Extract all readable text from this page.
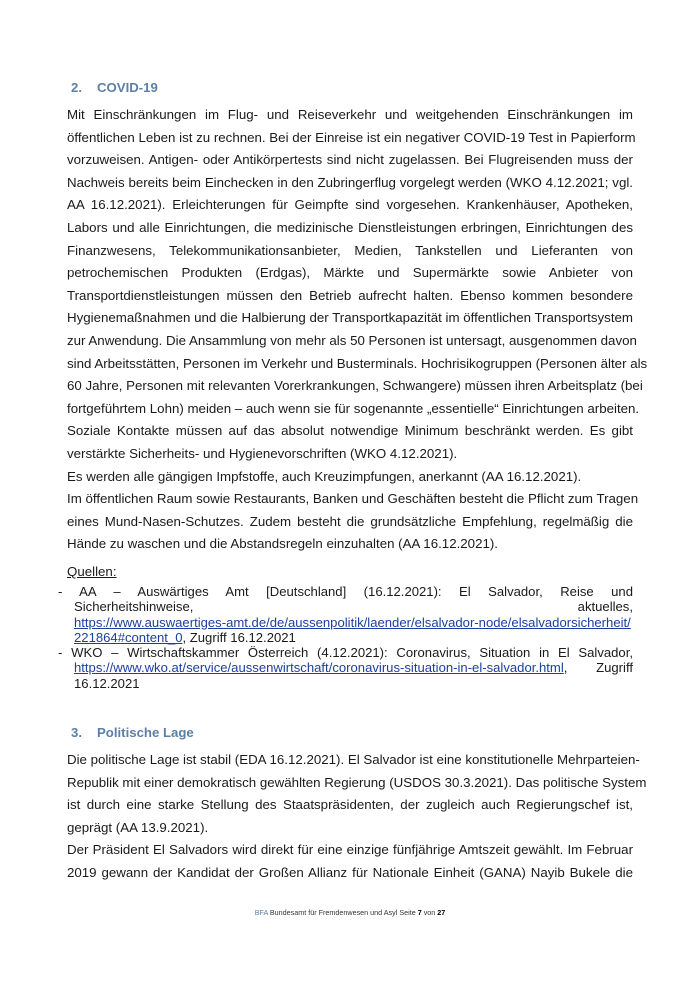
2. COVID-19
Mit Einschränkungen im Flug- und Reiseverkehr und weitgehenden Einschränkungen im
öffentlichen Leben ist zu rechnen. Bei der Einreise ist ein negativer COVID-19 Test in Papierform
vorzuweisen. Antigen- oder Antikörpertests sind nicht zugelassen. Bei Flugreisenden muss der
Nachweis bereits beim Einchecken in den Zubringerflug vorgelegt werden (WKO 4.12.2021; vgl.
AA 16.12.2021). Erleichterungen für Geimpfte sind vorgesehen. Krankenhäuser, Apotheken,
Labors und alle Einrichtungen, die medizinische Dienstleistungen erbringen, Einrichtungen des
Finanzwesens, Telekommunikationsanbieter, Medien, Tankstellen und Lieferanten von
petrochemischen Produkten (Erdgas), Märkte und Supermärkte sowie Anbieter von
Transportdienstleistungen müssen den Betrieb aufrecht halten. Ebenso kommen besondere
Hygienemaßnahmen und die Halbierung der Transportkapazität im öffentlichen Transportsystem
zur Anwendung. Die Ansammlung von mehr als 50 Personen ist untersagt, ausgenommen davon
sind Arbeitsstätten, Personen im Verkehr und Busterminals. Hochrisikogruppen (Personen älter als
60 Jahre, Personen mit relevanten Vorerkrankungen, Schwangere) müssen ihren Arbeitsplatz (bei
fortgeführtem Lohn) meiden – auch wenn sie für sogenannte „essentielle“ Einrichtungen arbeiten.
Soziale Kontakte müssen auf das absolut notwendige Minimum beschränkt werden. Es gibt
verstärkte Sicherheits- und Hygienevorschriften (WKO 4.12.2021).
Es werden alle gängigen Impfstoffe, auch Kreuzimpfungen, anerkannt (AA 16.12.2021).
Im öffentlichen Raum sowie Restaurants, Banken und Geschäften besteht die Pflicht zum Tragen
eines Mund-Nasen-Schutzes. Zudem besteht die grundsätzliche Empfehlung, regelmäßig die
Hände zu waschen und die Abstandsregeln einzuhalten (AA 16.12.2021).
Quellen:
- AA – Auswärtiges Amt [Deutschland] (16.12.2021): El Salvador, Reise und
Sicherheitshinweise,	aktuelles,
https://www.auswaertiges-amt.de/de/aussenpolitik/laender/elsalvador-node/elsalvadorsicherheit/
221864#content_0, Zugriff 16.12.2021
- WKO – Wirtschaftskammer Österreich (4.12.2021): Coronavirus, Situation in El Salvador,
https://www.wko.at/service/aussenwirtschaft/coronavirus-situation-in-el-salvador.html, Zugriff
16.12.2021
3. Politische Lage
Die politische Lage ist stabil (EDA 16.12.2021). El Salvador ist eine konstitutionelle Mehrparteien-
Republik mit einer demokratisch gewählten Regierung (USDOS 30.3.2021). Das politische System
ist durch eine starke Stellung des Staatspräsidenten, der zugleich auch Regierungschef ist,
geprägt (AA 13.9.2021).
Der Präsident El Salvadors wird direkt für eine einzige fünfjährige Amtszeit gewählt. Im Februar
2019 gewann der Kandidat der Großen Allianz für Nationale Einheit (GANA) Nayib Bukele die
BFA Bundesamt für Fremdenwesen und Asyl Seite 7 von 27
